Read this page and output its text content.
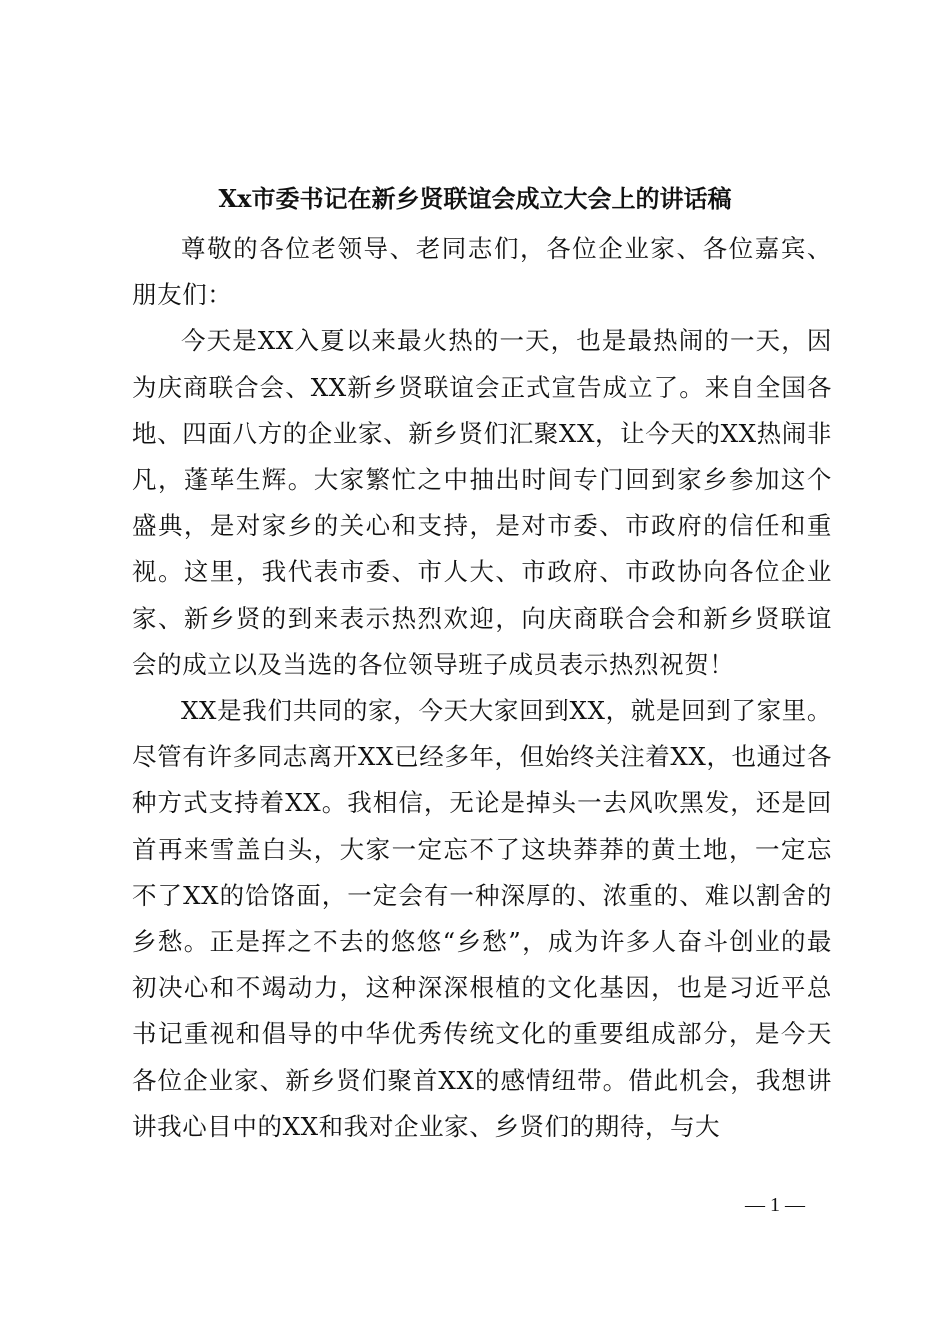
Xx市委书记在新乡贤联谊会成立大会上的讲话稿

尊敬的各位老领导、老同志们，各位企业家、各位嘉宾、朋友们：

今天是XX入夏以来最火热的一天，也是最热闹的一天，因为庆商联合会、XX新乡贤联谊会正式宣告成立了。来自全国各地、四面八方的企业家、新乡贤们汇聚XX，让今天的XX热闹非凡，蓬荜生辉。大家繁忙之中抽出时间专门回到家乡参加这个盛典，是对家乡的关心和支持，是对市委、市政府的信任和重视。这里，我代表市委、市人大、市政府、市政协向各位企业家、新乡贤的到来表示热烈欢迎，向庆商联合会和新乡贤联谊会的成立以及当选的各位领导班子成员表示热烈祝贺！

XX是我们共同的家，今天大家回到XX，就是回到了家里。尽管有许多同志离开XX已经多年，但始终关注着XX，也通过各种方式支持着XX。我相信，无论是掉头一去风吹黑发，还是回首再来雪盖白头，大家一定忘不了这块莽莽的黄土地，一定忘不了XX的饸饹面，一定会有一种深厚的、浓重的、难以割舍的乡愁。正是挥之不去的悠悠“乡愁”，成为许多人奋斗创业的最初决心和不竭动力，这种深深根植的文化基因，也是习近平总书记重视和倡导的中华优秀传统文化的重要组成部分，是今天各位企业家、新乡贤们聚首XX的感情纽带。借此机会，我想讲讲我心目中的XX和我对企业家、乡贤们的期待，与大

— 1 —
